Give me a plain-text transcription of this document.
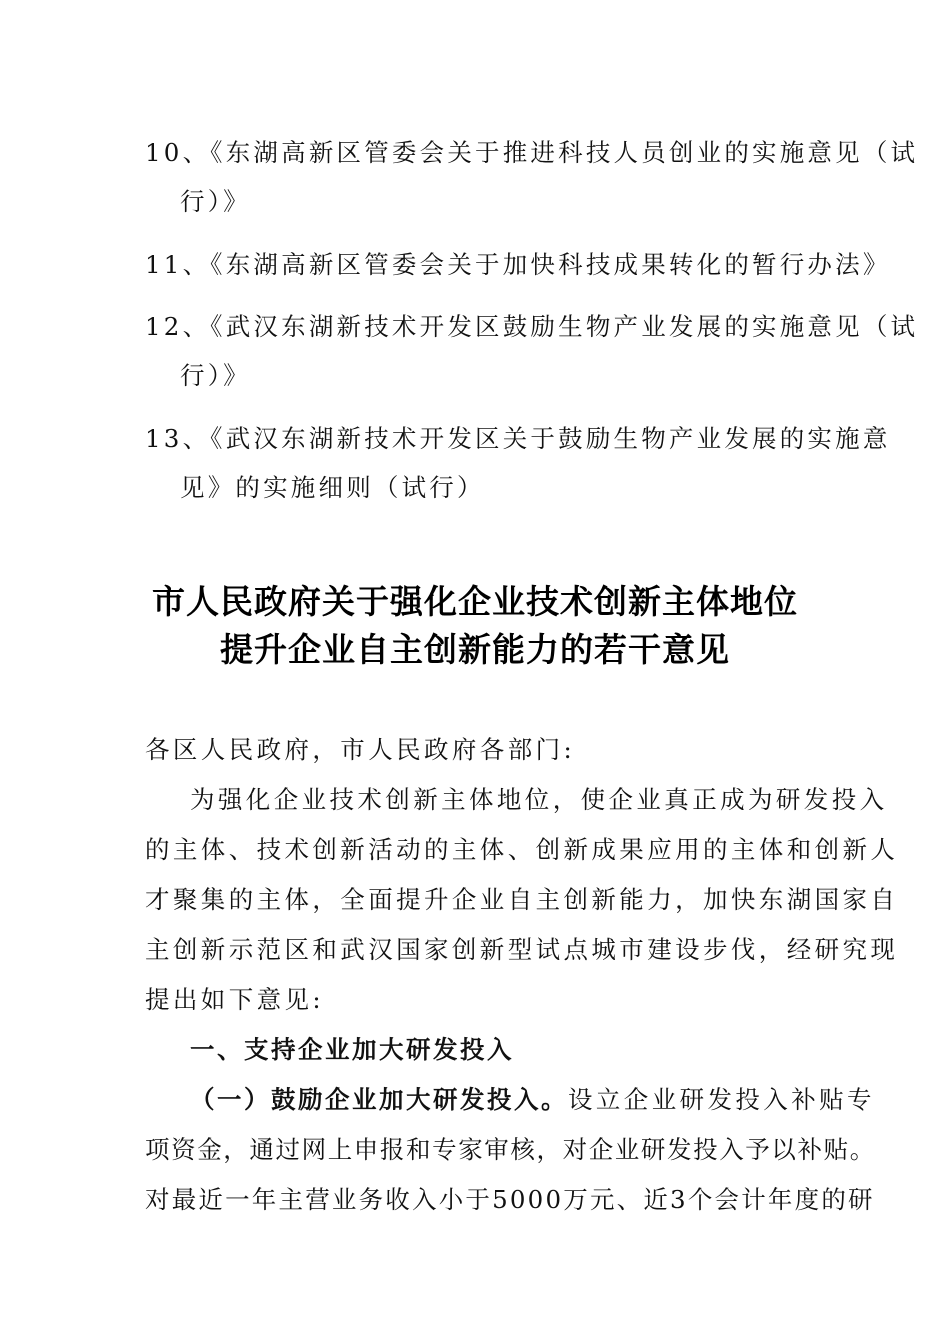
10、《东湖高新区管委会关于推进科技人员创业的实施意见（试
行）》
11、《东湖高新区管委会关于加快科技成果转化的暂行办法》
12、《武汉东湖新技术开发区鼓励生物产业发展的实施意见（试
行）》
13、《武汉东湖新技术开发区关于鼓励生物产业发展的实施意
见》的实施细则（试行）
市人民政府关于强化企业技术创新主体地位
提升企业自主创新能力的若干意见
各区人民政府，市人民政府各部门:
为强化企业技术创新主体地位，使企业真正成为研发投入
的主体、技术创新活动的主体、创新成果应用的主体和创新人
才聚集的主体，全面提升企业自主创新能力，加快东湖国家自
主创新示范区和武汉国家创新型试点城市建设步伐，经研究现
提出如下意见:
一、支持企业加大研发投入
（一）鼓励企业加大研发投入。设立企业研发投入补贴专
项资金，通过网上申报和专家审核，对企业研发投入予以补贴。
对最近一年主营业务收入小于5000万元、近3个会计年度的研
